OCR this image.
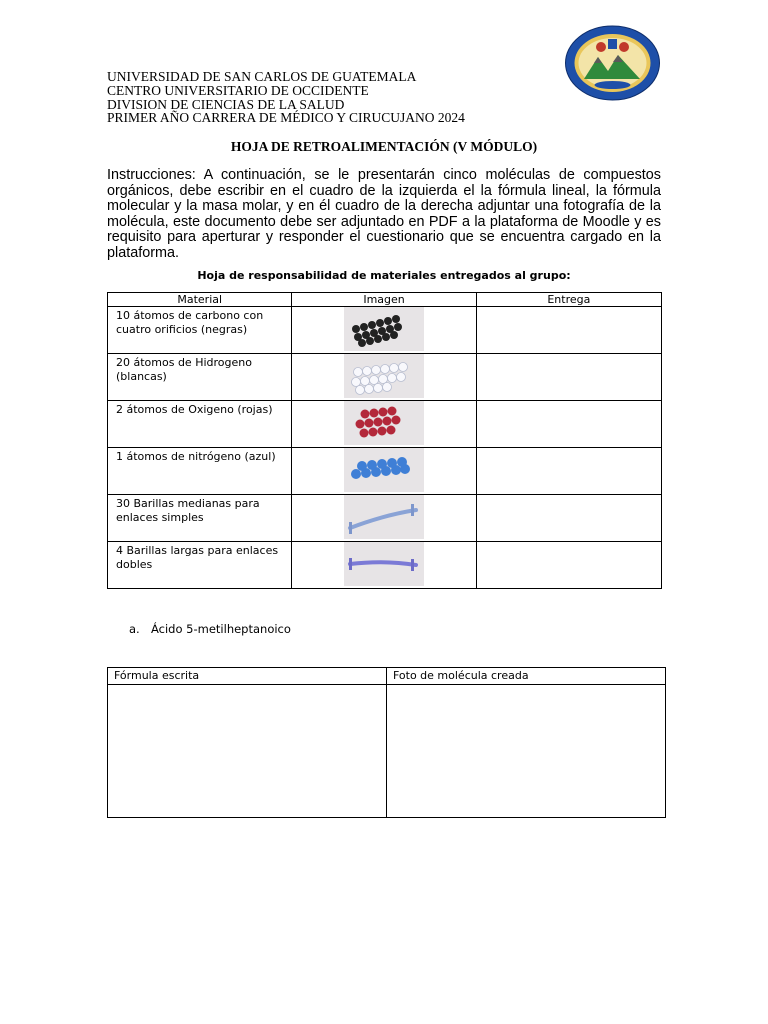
UNIVERSIDAD DE SAN CARLOS DE GUATEMALA
CENTRO UNIVERSITARIO DE OCCIDENTE
DIVISION DE CIENCIAS DE LA SALUD
PRIMER AÑO CARRERA DE MÉDICO Y CIRUCUJANO 2024
HOJA DE RETROALIMENTACIÓN (V MÓDULO)
Instrucciones: A continuación, se le presentarán cinco moléculas de compuestos orgánicos, debe escribir en el cuadro de la izquierda el la fórmula lineal, la fórmula molecular y la masa molar, y en él cuadro de la derecha adjuntar una fotografía de la molécula, este documento debe ser adjuntado en PDF a la plataforma de Moodle y es requisito para aperturar y responder el cuestionario que se encuentra cargado en la plataforma.
Hoja de responsabilidad de materiales entregados al grupo:
Material	Imagen	Entrega
10 átomos de carbono con cuatro orificios (negras)	

20 átomos de Hidrogeno (blancas)	

2 átomos de Oxigeno (rojas)	

1 átomos de nitrógeno (azul)	

30 Barillas medianas para enlaces simples	

4 Barillas largas para enlaces dobles	

a. Ácido 5-metilheptanoico
Fórmula escrita	Foto de molécula creada
